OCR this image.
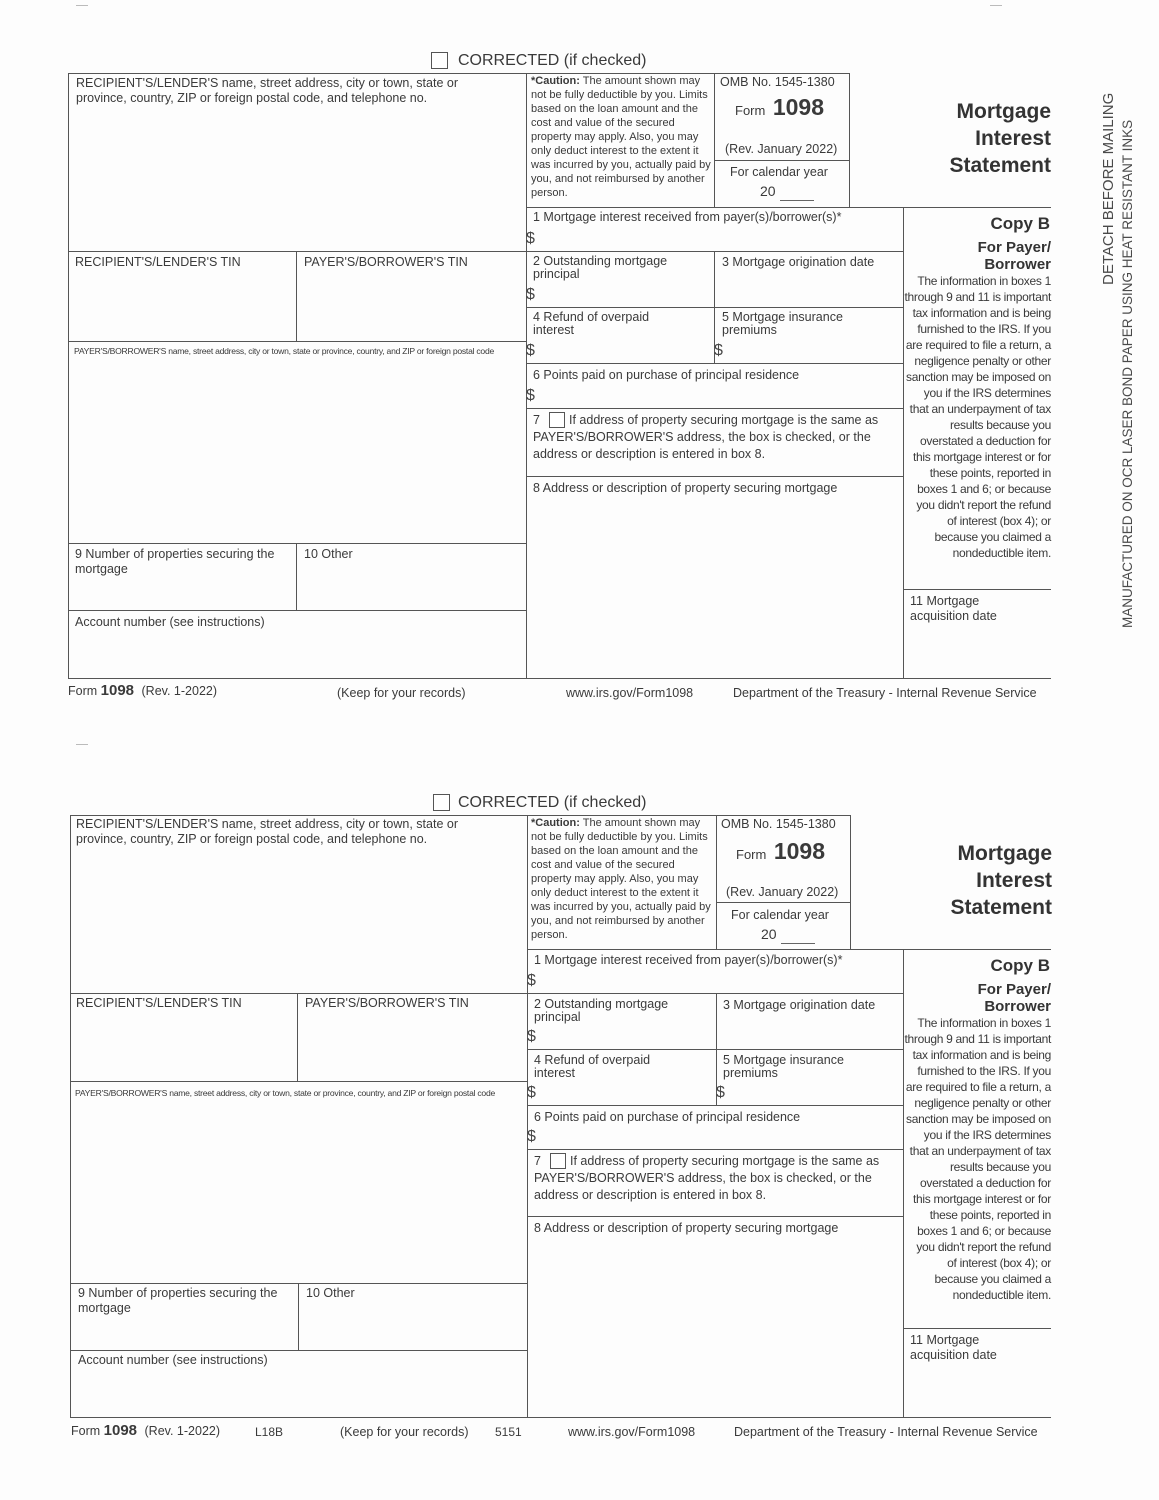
CORRECTED (if checked)
RECIPIENT'S/LENDER'S name, street address, city or town, state or province, country, ZIP or foreign postal code, and telephone no.
*Caution: The amount shown may not be fully deductible by you. Limits based on the loan amount and the cost and value of the secured property may apply. Also, you may only deduct interest to the extent it was incurred by you, actually paid by you, and not reimbursed by another person.
OMB No. 1545-1380
Form 1098
(Rev. January 2022)
For calendar year
20
Mortgage
Interest
Statement
1 Mortgage interest received from payer(s)/borrower(s)*
$
RECIPIENT'S/LENDER'S TIN	PAYER'S/BORROWER'S TIN	2 Outstanding mortgage principal
$
3 Mortgage origination date
4 Refund of overpaid interest
$
5 Mortgage insurance premiums
$
PAYER'S/BORROWER'S name, street address, city or town, state or province, country, and ZIP or foreign postal code
6 Points paid on purchase of principal residence
$
7	If address of property securing mortgage is the same as PAYER'S/BORROWER'S address, the box is checked, or the address or description is entered in box 8.
8 Address or description of property securing mortgage
9 Number of properties securing the mortgage
10 Other
Account number (see instructions)
Copy B
For Payer/ Borrower
The information in boxes 1 through 9 and 11 is important tax information and is being furnished to the IRS. If you are required to file a return, a negligence penalty or other sanction may be imposed on you if the IRS determines that an underpayment of tax results because you overstated a deduction for this mortgage interest or for these points, reported in boxes 1 and 6; or because you didn't report the refund of interest (box 4); or because you claimed a nondeductible item.
11 Mortgage acquisition date
Form 1098 (Rev. 1-2022)	(Keep for your records)	www.irs.gov/Form1098	Department of the Treasury - Internal Revenue Service
CORRECTED (if checked)
RECIPIENT'S/LENDER'S name, street address, city or town, state or province, country, ZIP or foreign postal code, and telephone no.
*Caution: The amount shown may not be fully deductible by you. Limits based on the loan amount and the cost and value of the secured property may apply. Also, you may only deduct interest to the extent it was incurred by you, actually paid by you, and not reimbursed by another person.
OMB No. 1545-1380
Form 1098
(Rev. January 2022)
For calendar year
20
Mortgage
Interest
Statement
1 Mortgage interest received from payer(s)/borrower(s)*
$
RECIPIENT'S/LENDER'S TIN	PAYER'S/BORROWER'S TIN	2 Outstanding mortgage principal
$
3 Mortgage origination date
4 Refund of overpaid interest
$
5 Mortgage insurance premiums
$
PAYER'S/BORROWER'S name, street address, city or town, state or province, country, and ZIP or foreign postal code
6 Points paid on purchase of principal residence
$
7	If address of property securing mortgage is the same as PAYER'S/BORROWER'S address, the box is checked, or the address or description is entered in box 8.
8 Address or description of property securing mortgage
9 Number of properties securing the mortgage
10 Other
Account number (see instructions)
Copy B
For Payer/ Borrower
The information in boxes 1 through 9 and 11 is important tax information and is being furnished to the IRS. If you are required to file a return, a negligence penalty or other sanction may be imposed on you if the IRS determines that an underpayment of tax results because you overstated a deduction for this mortgage interest or for these points, reported in boxes 1 and 6; or because you didn't report the refund of interest (box 4); or because you claimed a nondeductible item.
11 Mortgage acquisition date
Form 1098 (Rev. 1-2022)	L18B	(Keep for your records) 5151	www.irs.gov/Form1098	Department of the Treasury - Internal Revenue Service
DETACH BEFORE MAILING MANUFACTURED ON OCR LASER BOND PAPER USING HEAT RESISTANT INKS
